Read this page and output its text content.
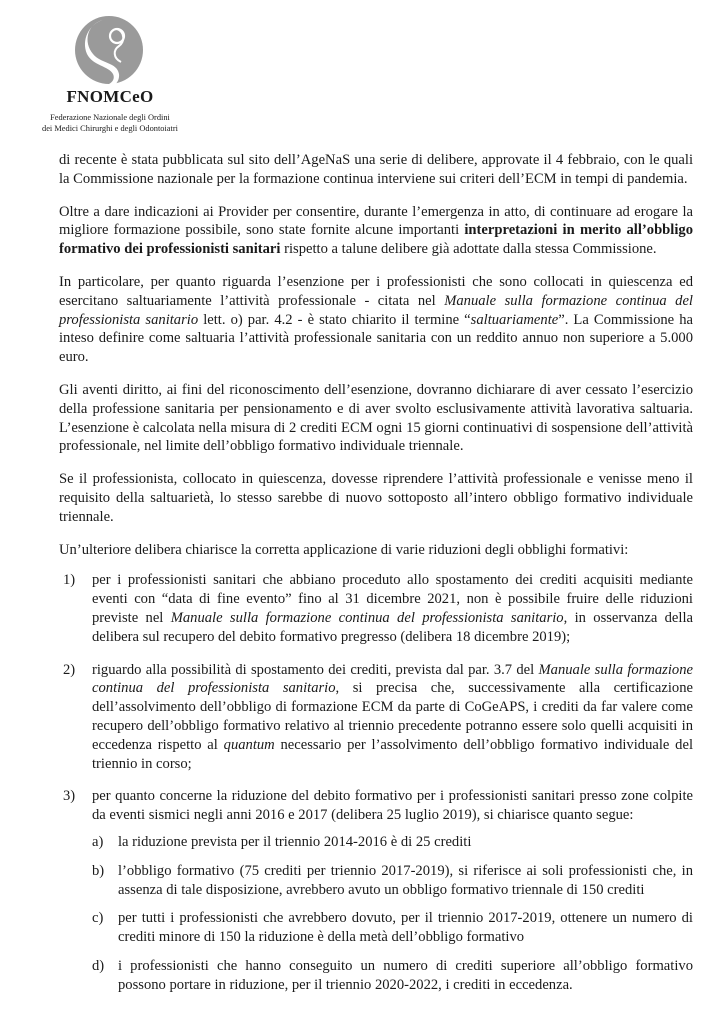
FNOMCeO
Federazione Nazionale degli Ordini
dei Medici Chirurghi e degli Odontoiatri

di recente è stata pubblicata sul sito dell’AgeNaS una serie di delibere, approvate il 4 febbraio, con le quali la Commissione nazionale per la formazione continua interviene sui criteri dell’ECM in tempi di pandemia.

Oltre a dare indicazioni ai Provider per consentire, durante l’emergenza in atto, di continuare ad erogare la migliore formazione possibile, sono state fornite alcune importanti interpretazioni in merito all’obbligo formativo dei professionisti sanitari rispetto a talune delibere già adottate dalla stessa Commissione.

In particolare, per quanto riguarda l’esenzione per i professionisti che sono collocati in quiescenza ed esercitano saltuariamente l’attività professionale - citata nel Manuale sulla formazione continua del professionista sanitario lett. o) par. 4.2 - è stato chiarito il termine “saltuariamente”. La Commissione ha inteso definire come saltuaria l’attività professionale sanitaria con un reddito annuo non superiore a 5.000 euro.

Gli aventi diritto, ai fini del riconoscimento dell’esenzione, dovranno dichiarare di aver cessato l’esercizio della professione sanitaria per pensionamento e di aver svolto esclusivamente attività lavorativa saltuaria. L’esenzione è calcolata nella misura di 2 crediti ECM ogni 15 giorni continuativi di sospensione dell’attività professionale, nel limite dell’obbligo formativo individuale triennale.

Se il professionista, collocato in quiescenza, dovesse riprendere l’attività professionale e venisse meno il requisito della saltuarietà, lo stesso sarebbe di nuovo sottoposto all’intero obbligo formativo individuale triennale.

Un’ulteriore delibera chiarisce la corretta applicazione di varie riduzioni degli obblighi formativi:

1)	per i professionisti sanitari che abbiano proceduto allo spostamento dei crediti acquisiti mediante eventi con “data di fine evento” fino al 31 dicembre 2021, non è possibile fruire delle riduzioni previste nel Manuale sulla formazione continua del professionista sanitario, in osservanza della delibera sul recupero del debito formativo pregresso (delibera 18 dicembre 2019);
2)	riguardo alla possibilità di spostamento dei crediti, prevista dal par. 3.7 del Manuale sulla formazione continua del professionista sanitario, si precisa che, successivamente alla certificazione dell’assolvimento dell’obbligo di formazione ECM da parte di CoGeAPS, i crediti da far valere come recupero dell’obbligo formativo relativo al triennio precedente potranno essere solo quelli acquisiti in eccedenza rispetto al quantum necessario per l’assolvimento dell’obbligo formativo individuale del triennio in corso;
3)	per quanto concerne la riduzione del debito formativo per i professionisti sanitari presso zone colpite da eventi sismici negli anni 2016 e 2017 (delibera 25 luglio 2019), si chiarisce quanto segue:
a)	la riduzione prevista per il triennio 2014-2016 è di 25 crediti
b) l’obbligo formativo (75 crediti per triennio 2017-2019), si riferisce ai soli professionisti che, in assenza di tale disposizione, avrebbero avuto un obbligo formativo triennale di 150 crediti
c)	per tutti i professionisti che avrebbero dovuto, per il triennio 2017-2019, ottenere un numero di crediti minore di 150 la riduzione è della metà dell’obbligo formativo
d) i professionisti che hanno conseguito un numero di crediti superiore all’obbligo formativo possono portare in riduzione, per il triennio 2020-2022, i crediti in eccedenza.
